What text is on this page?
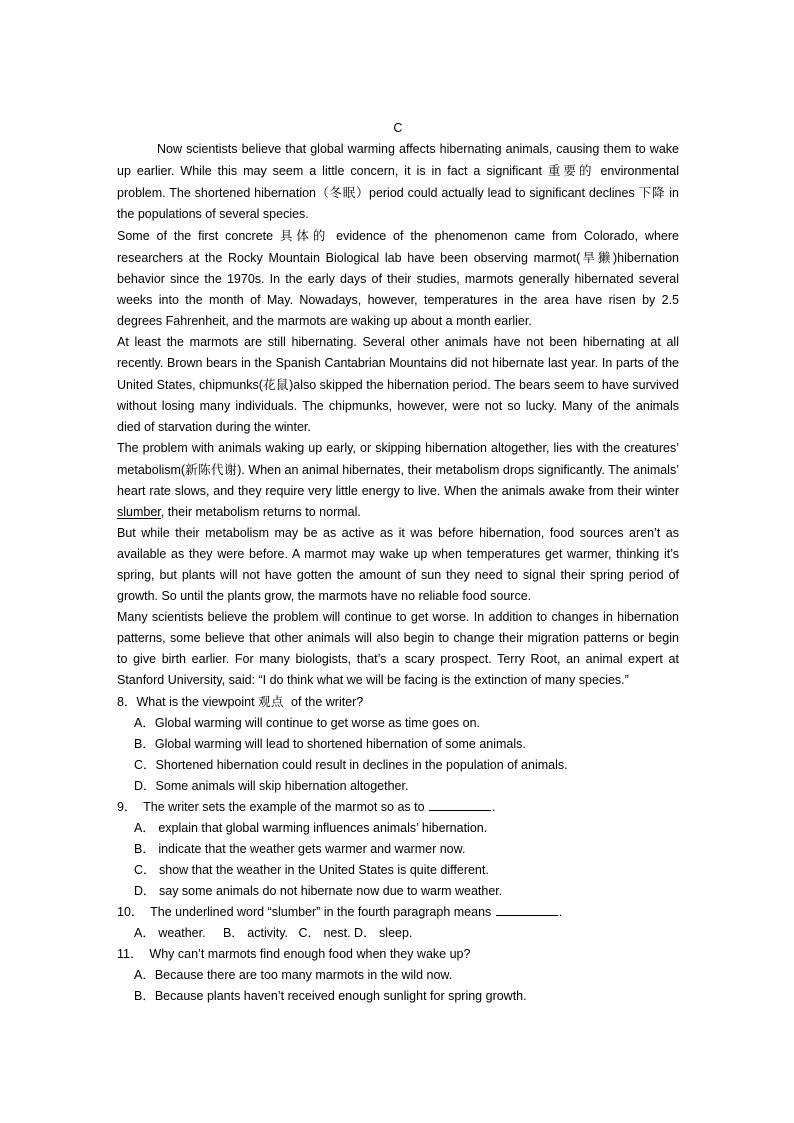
C

Now scientists believe that global warming affects hibernating animals, causing them to wake up earlier. While this may seem a little concern, it is in fact a significant 重要的 environmental problem. The shortened hibernation（冬眠）period could actually lead to significant declines 下降 in the populations of several species.

Some of the first concrete 具体的 evidence of the phenomenon came from Colorado, where researchers at the Rocky Mountain Biological lab have been observing marmot(旱獭)hibernation behavior since the 1970s. In the early days of their studies, marmots generally hibernated several weeks into the month of May. Nowadays, however, temperatures in the area have risen by 2.5 degrees Fahrenheit, and the marmots are waking up about a month earlier.

At least the marmots are still hibernating. Several other animals have not been hibernating at all recently. Brown bears in the Spanish Cantabrian Mountains did not hibernate last year. In parts of the United States, chipmunks(花鼠)also skipped the hibernation period. The bears seem to have survived without losing many individuals. The chipmunks, however, were not so lucky. Many of the animals died of starvation during the winter.

The problem with animals waking up early, or skipping hibernation altogether, lies with the creatures’ metabolism(新陈代谢). When an animal hibernates, their metabolism drops significantly. The animals’ heart rate slows, and they require very little energy to live. When the animals awake from their winter slumber, their metabolism returns to normal.

But while their metabolism may be as active as it was before hibernation, food sources aren’t as available as they were before. A marmot may wake up when temperatures get warmer, thinking it’s spring, but plants will not have gotten the amount of sun they need to signal their spring period of growth. So until the plants grow, the marmots have no reliable food source.

Many scientists believe the problem will continue to get worse. In addition to changes in hibernation patterns, some believe that other animals will also begin to change their migration patterns or begin to give birth earlier. For many biologists, that’s a scary prospect. Terry Root, an animal expert at Stanford University, said: “I do think what we will be facing is the extinction of many species.”

8．What is the viewpoint 观点  of the writer?

A．Global warming will continue to get worse as time goes on.

B．Global warming will lead to shortened hibernation of some animals.

C．Shortened hibernation could result in declines in the population of animals.

D．Some animals will skip hibernation altogether.

9．  The writer sets the example of the marmot so as to	.

A． explain that global warming influences animals’ hibernation.

B． indicate that the weather gets warmer and warmer now.

C． show that the weather in the United States is quite different.

D． say some animals do not hibernate now due to warm weather.

10．  The underlined word “slumber” in the fourth paragraph means	.

A． weather. B． activity. C． nest. D． sleep.

11．  Why can’t marmots find enough food when they wake up?

A．Because there are too many marmots in the wild now.

B．Because plants haven’t received enough sunlight for spring growth.
